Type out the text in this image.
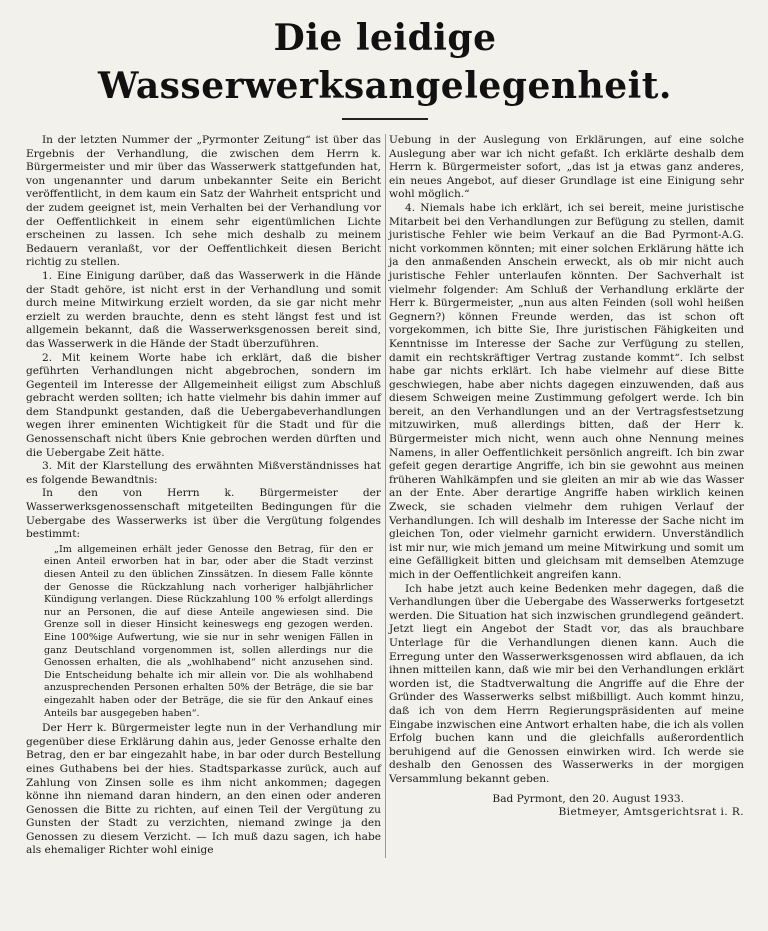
Die leidige Wasserwerksangelegenheit.

In der letzten Nummer der „Pyrmonter Zeitung“ ist über das Ergebnis der Verhandlung, die zwischen dem Herrn k. Bürgermeister und mir über das Wasserwerk stattgefunden hat, von ungenannter und darum unbekannter Seite ein Bericht veröffentlicht, in dem kaum ein Satz der Wahrheit entspricht und der zudem geeignet ist, mein Verhalten bei der Verhandlung vor der Oeffentlichkeit in einem sehr eigentümlichen Lichte erscheinen zu lassen. Ich sehe mich deshalb zu meinem Bedauern veranlaßt, vor der Oeffentlichkeit diesen Bericht richtig zu stellen.

1. Eine Einigung darüber, daß das Wasserwerk in die Hände der Stadt gehöre, ist nicht erst in der Verhandlung und somit durch meine Mitwirkung erzielt worden, da sie gar nicht mehr erzielt zu werden brauchte, denn es steht längst fest und ist allgemein bekannt, daß die Wasserwerksgenossen bereit sind, das Wasserwerk in die Hände der Stadt überzuführen.

2. Mit keinem Worte habe ich erklärt, daß die bisher geführten Verhandlungen nicht abgebrochen, sondern im Gegenteil im Interesse der Allgemeinheit eiligst zum Abschluß gebracht werden sollten; ich hatte vielmehr bis dahin immer auf dem Standpunkt gestanden, daß die Uebergabeverhandlungen wegen ihrer eminenten Wichtigkeit für die Stadt und für die Genossenschaft nicht übers Knie gebrochen werden dürften und die Uebergabe Zeit hätte.

3. Mit der Klarstellung des erwähnten Mißverständnisses hat es folgende Bewandtnis:

In den von Herrn k. Bürgermeister der Wasserwerksgenossenschaft mitgeteilten Bedingungen für die Uebergabe des Wasserwerks ist über die Vergütung folgendes bestimmt:

„Im allgemeinen erhält jeder Genosse den Betrag, für den er einen Anteil erworben hat in bar, oder aber die Stadt verzinst diesen Anteil zu den üblichen Zinssätzen. In diesem Falle könnte der Genosse die Rückzahlung nach vorheriger halbjährlicher Kündigung verlangen. Diese Rückzahlung 100 % erfolgt allerdings nur an Personen, die auf diese Anteile angewiesen sind. Die Grenze soll in dieser Hinsicht keineswegs eng gezogen werden. Eine 100%ige Aufwertung, wie sie nur in sehr wenigen Fällen in ganz Deutschland vorgenommen ist, sollen allerdings nur die Genossen erhalten, die als „wohlhabend“ nicht anzusehen sind. Die Entscheidung behalte ich mir allein vor. Die als wohlhabend anzusprechenden Personen erhalten 50% der Beträge, die sie bar eingezahlt haben oder der Beträge, die sie für den Ankauf eines Anteils bar ausgegeben haben“.

Der Herr k. Bürgermeister legte nun in der Verhandlung mir gegenüber diese Erklärung dahin aus, jeder Genosse erhalte den Betrag, den er bar eingezahlt habe, in bar oder durch Bestellung eines Guthabens bei der hies. Stadtsparkasse zurück, auch auf Zahlung von Zinsen solle es ihm nicht ankommen; dagegen könne ihn niemand daran hindern, an den einen oder anderen Genossen die Bitte zu richten, auf einen Teil der Vergütung zu Gunsten der Stadt zu verzichten, niemand zwinge ja den Genossen zu diesem Verzicht. — Ich muß dazu sagen, ich habe als ehemaliger Richter wohl einige

Uebung in der Auslegung von Erklärungen, auf eine solche Auslegung aber war ich nicht gefaßt. Ich erklärte deshalb dem Herrn k. Bürgermeister sofort, „das ist ja etwas ganz anderes, ein neues Angebot, auf dieser Grundlage ist eine Einigung sehr wohl möglich.“

4. Niemals habe ich erklärt, ich sei bereit, meine juristische Mitarbeit bei den Verhandlungen zur Befügung zu stellen, damit juristische Fehler wie beim Verkauf an die Bad Pyrmont-A.G. nicht vorkommen könnten; mit einer solchen Erklärung hätte ich ja den anmaßenden Anschein erweckt, als ob mir nicht auch juristische Fehler unterlaufen könnten. Der Sachverhalt ist vielmehr folgender: Am Schluß der Verhandlung erklärte der Herr k. Bürgermeister, „nun aus alten Feinden (soll wohl heißen Gegnern?) können Freunde werden, das ist schon oft vorgekommen, ich bitte Sie, Ihre juristischen Fähigkeiten und Kenntnisse im Interesse der Sache zur Verfügung zu stellen, damit ein rechtskräftiger Vertrag zustande kommt“. Ich selbst habe gar nichts erklärt. Ich habe vielmehr auf diese Bitte geschwiegen, habe aber nichts dagegen einzuwenden, daß aus diesem Schweigen meine Zustimmung gefolgert werde. Ich bin bereit, an den Verhandlungen und an der Vertragsfestsetzung mitzuwirken, muß allerdings bitten, daß der Herr k. Bürgermeister mich nicht, wenn auch ohne Nennung meines Namens, in aller Oeffentlichkeit persönlich angreift. Ich bin zwar gefeit gegen derartige Angriffe, ich bin sie gewohnt aus meinen früheren Wahlkämpfen und sie gleiten an mir ab wie das Wasser an der Ente. Aber derartige Angriffe haben wirklich keinen Zweck, sie schaden vielmehr dem ruhigen Verlauf der Verhandlungen. Ich will deshalb im Interesse der Sache nicht im gleichen Ton, oder vielmehr garnicht erwidern. Unverständlich ist mir nur, wie mich jemand um meine Mitwirkung und somit um eine Gefälligkeit bitten und gleichsam mit demselben Atemzuge mich in der Oeffentlichkeit angreifen kann.

Ich habe jetzt auch keine Bedenken mehr dagegen, daß die Verhandlungen über die Uebergabe des Wasserwerks fortgesetzt werden. Die Situation hat sich inzwischen grundlegend geändert. Jetzt liegt ein Angebot der Stadt vor, das als brauchbare Unterlage für die Verhandlungen dienen kann. Auch die Erregung unter den Wasserwerksgenossen wird abflauen, da ich ihnen mitteilen kann, daß wie mir bei den Verhandlungen erklärt worden ist, die Stadtverwaltung die Angriffe auf die Ehre der Gründer des Wasserwerks selbst mißbilligt. Auch kommt hinzu, daß ich von dem Herrn Regierungspräsidenten auf meine Eingabe inzwischen eine Antwort erhalten habe, die ich als vollen Erfolg buchen kann und die gleichfalls außerordentlich beruhigend auf die Genossen einwirken wird. Ich werde sie deshalb den Genossen des Wasserwerks in der morgigen Versammlung bekannt geben.

Bad Pyrmont, den 20. August 1933.

Bietmeyer, Amtsgerichtsrat i. R.
